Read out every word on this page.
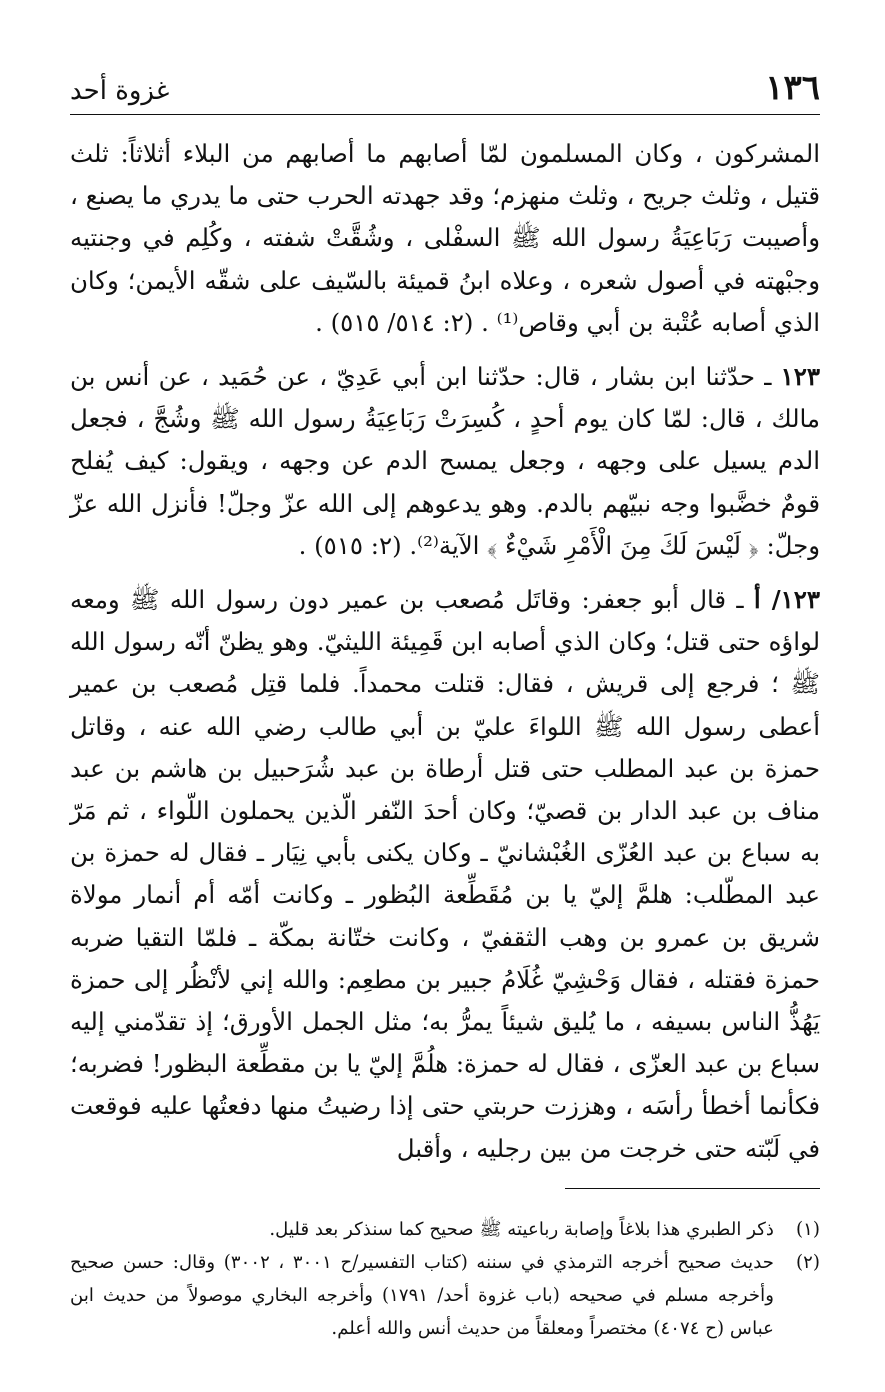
١٣٦
غزوة أحد

المشركون ، وكان المسلمون لمّا أصابهم ما أصابهم من البلاء أثلاثاً: ثلث قتيل ، وثلث جريح ، وثلث منهزم؛ وقد جهدته الحرب حتى ما يدري ما يصنع ، وأصيبت رَبَاعِيَةُ رسول الله ﷺ السفْلى ، وشُقَّتْ شفته ، وكُلِم في وجنتيه وجبْهته في أصول شعره ، وعلاه ابنُ قميئة بالسّيف على شقّه الأيمن؛ وكان الذي أصابه عُتْبة بن أبي وقاص⁽¹⁾ . (٢: ٥١٤/ ٥١٥) .

١٢٣ ـ حدّثنا ابن بشار ، قال: حدّثنا ابن أبي عَدِيّ ، عن حُمَيد ، عن أنس بن مالك ، قال: لمّا كان يوم أحدٍ ، كُسِرَتْ رَبَاعِيَةُ رسول الله ﷺ وشُجَّ ، فجعل الدم يسيل على وجهه ، وجعل يمسح الدم عن وجهه ، ويقول: كيف يُفلح قومٌ خضَّبوا وجه نبيّهم بالدم. وهو يدعوهم إلى الله عزّ وجلّ! فأنزل الله عزّ وجلّ: ﴿ لَيْسَ لَكَ مِنَ الْأَمْرِ شَيْءٌ ﴾ الآية⁽²⁾. (٢: ٥١٥) .

١٢٣/ أ ـ قال أبو جعفر: وقاتَل مُصعب بن عمير دون رسول الله ﷺ ومعه لواؤه حتى قتل؛ وكان الذي أصابه ابن قَمِيئة الليثيّ. وهو يظنّ أنّه رسول الله ﷺ ؛ فرجع إلى قريش ، فقال: قتلت محمداً. فلما قتِل مُصعب بن عمير أعطى رسول الله ﷺ اللواءَ عليّ بن أبي طالب رضي الله عنه ، وقاتل حمزة بن عبد المطلب حتى قتل أرطاة بن عبد شُرَحبيل بن هاشم بن عبد مناف بن عبد الدار بن قصيّ؛ وكان أحدَ النّفر الّذين يحملون اللّواء ، ثم مَرّ به سباع بن عبد العُزّى الغُبْشانيّ ـ وكان يكنى بأبي نِيَار ـ فقال له حمزة بن عبد المطّلب: هلمَّ إليّ يا بن مُقَطِّعة البُظور ـ وكانت أمّه أم أنمار مولاة شريق بن عمرو بن وهب الثقفيّ ، وكانت ختّانة بمكّة ـ فلمّا التقيا ضربه حمزة فقتله ، فقال وَحْشِيّ غُلَامُ جبير بن مطعِم: والله إني لأنْظُر إلى حمزة يَهُذُّ الناس بسيفه ، ما يُليق شيئاً يمرُّ به؛ مثل الجمل الأورق؛ إذ تقدّمني إليه سباع بن عبد العزّى ، فقال له حمزة: هلُمَّ إليّ يا بن مقطِّعة البظور! فضربه؛ فكأنما أخطأ رأسَه ، وهززت حربتي حتى إذا رضيتُ منها دفعتُها عليه فوقعت في لَبّته حتى خرجت من بين رجليه ، وأقبل

(١)
ذكر الطبري هذا بلاغاً وإصابة رباعيته ﷺ صحيح كما سنذكر بعد قليل.
(٢)
حديث صحيح أخرجه الترمذي في سننه (كتاب التفسير/ح ٣٠٠١ ، ٣٠٠٢) وقال: حسن صحيح وأخرجه مسلم في صحيحه (باب غزوة أحد/ ١٧٩١) وأخرجه البخاري موصولاً من حديث ابن عباس (ح ٤٠٧٤) مختصراً ومعلقاً من حديث أنس والله أعلم.
